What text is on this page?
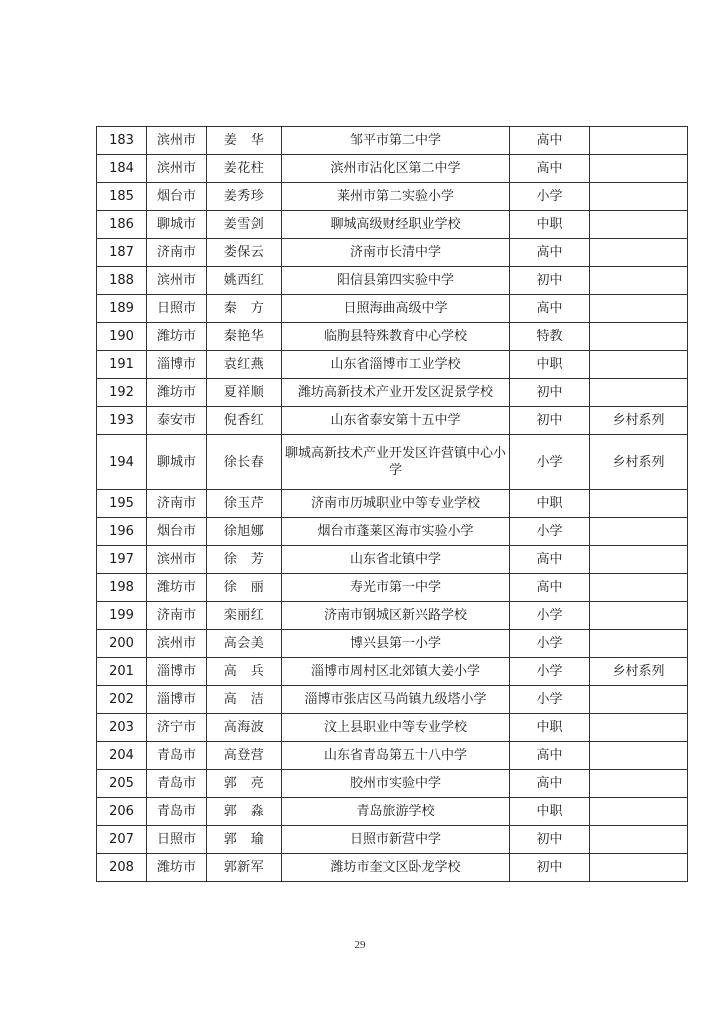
183	滨州市	姜　华	邹平市第二中学	高中	
184	滨州市	姜花柱	滨州市沾化区第二中学	高中	
185	烟台市	姜秀珍	莱州市第二实验小学	小学	
186	聊城市	姜雪剑	聊城高级财经职业学校	中职	
187	济南市	娄保云	济南市长清中学	高中	
188	滨州市	姚西红	阳信县第四实验中学	初中	
189	日照市	秦　方	日照海曲高级中学	高中	
190	潍坊市	秦艳华	临朐县特殊教育中心学校	特教	
191	淄博市	袁红燕	山东省淄博市工业学校	中职	
192	潍坊市	夏祥顺	潍坊高新技术产业开发区浞景学校	初中	
193	泰安市	倪香红	山东省泰安第十五中学	初中	乡村系列
194	聊城市	徐长春	聊城高新技术产业开发区许营镇中心小学	小学	乡村系列
195	济南市	徐玉芹	济南市历城职业中等专业学校	中职	
196	烟台市	徐旭娜	烟台市蓬莱区海市实验小学	小学	
197	滨州市	徐　芳	山东省北镇中学	高中	
198	潍坊市	徐　丽	寿光市第一中学	高中	
199	济南市	栾丽红	济南市钢城区新兴路学校	小学	
200	滨州市	高会美	博兴县第一小学	小学	
201	淄博市	高　兵	淄博市周村区北郊镇大姜小学	小学	乡村系列
202	淄博市	高　洁	淄博市张店区马尚镇九级塔小学	小学	
203	济宁市	高海波	汶上县职业中等专业学校	中职	
204	青岛市	高登营	山东省青岛第五十八中学	高中	
205	青岛市	郭　亮	胶州市实验中学	高中	
206	青岛市	郭　淼	青岛旅游学校	中职	
207	日照市	郭　瑜	日照市新营中学	初中	
208	潍坊市	郭新军	潍坊市奎文区卧龙学校	初中	
29
